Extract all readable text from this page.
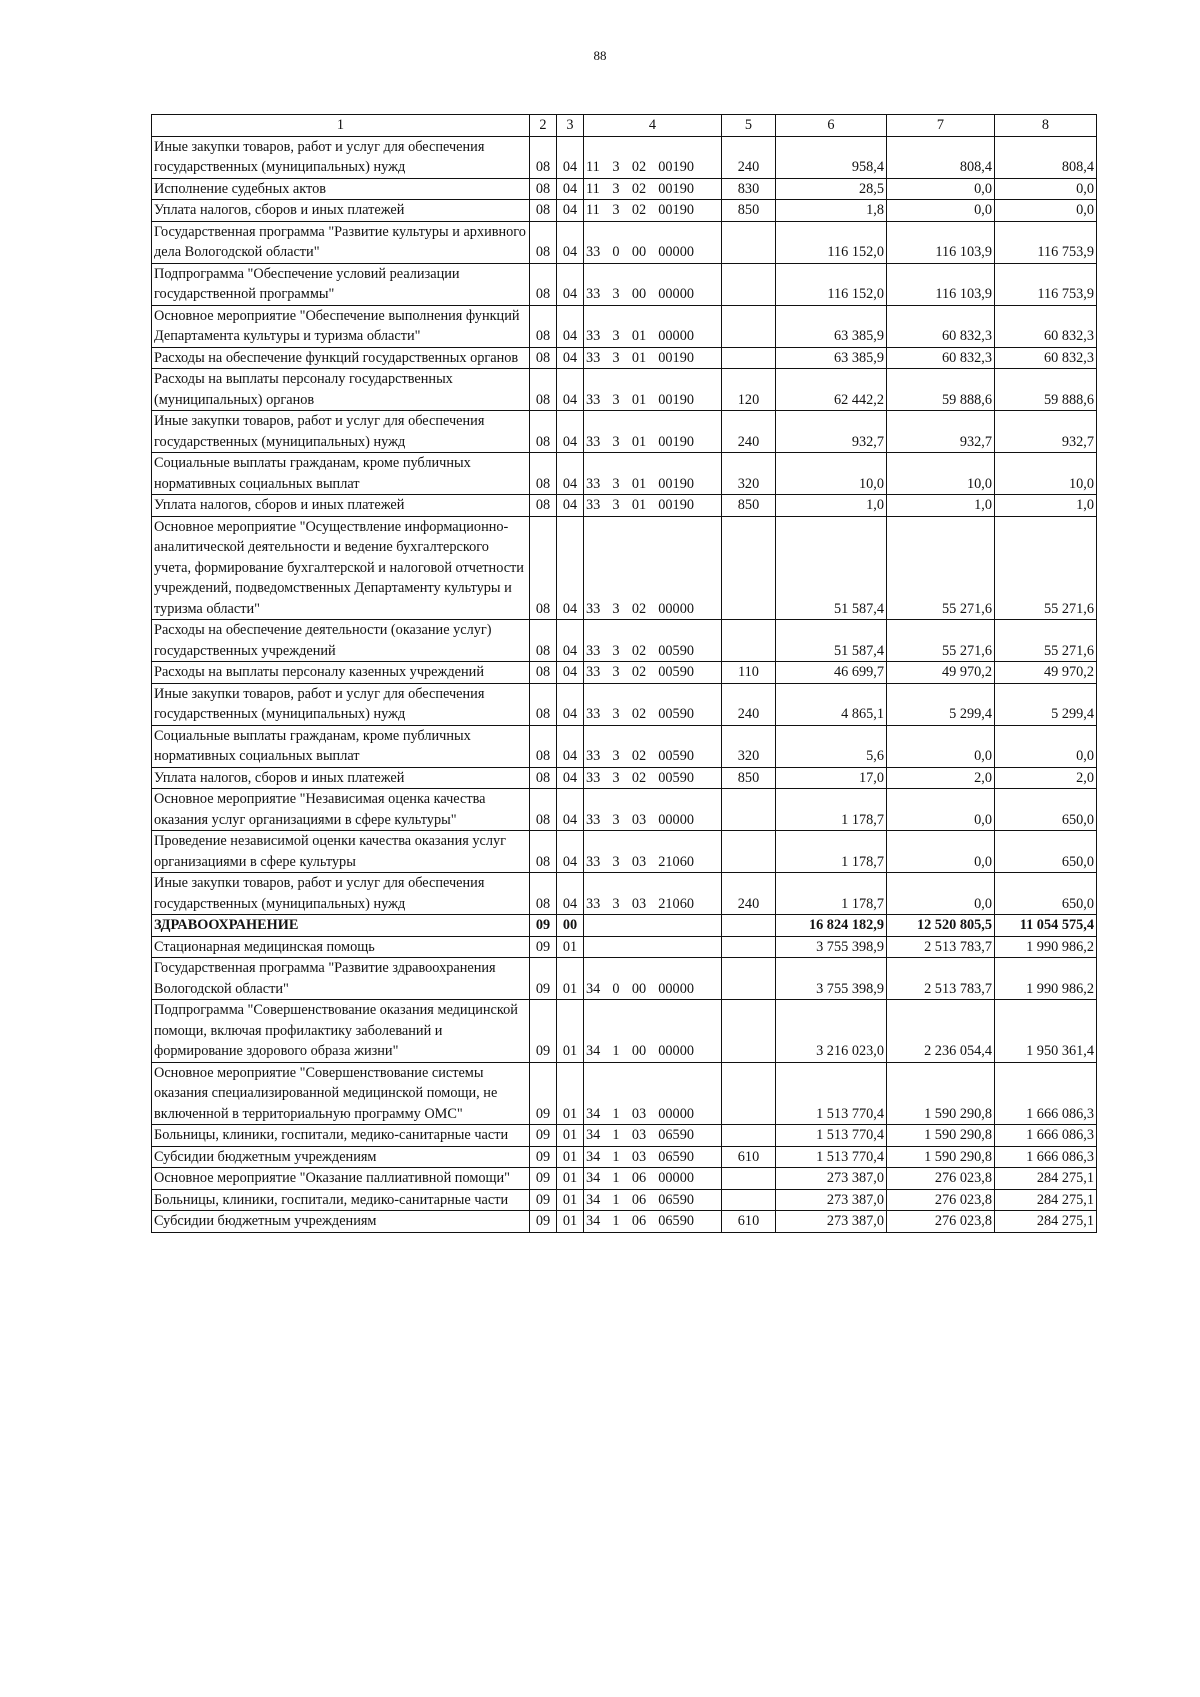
88
1	2	3	4	5	6	7	8
Иные закупки товаров, работ и услуг для обеспечения государственных (муниципальных) нужд	08	04	11 3 02 00190	240	958,4	808,4	808,4
Исполнение судебных актов	08	04	11 3 02 00190	830	28,5	0,0	0,0
Уплата налогов, сборов и иных платежей	08	04	11 3 02 00190	850	1,8	0,0	0,0
Государственная программа "Развитие культуры и архивного дела Вологодской области"	08	04	33 0 00 00000		116 152,0	116 103,9	116 753,9
Подпрограмма "Обеспечение условий реализации государственной программы"	08	04	33 3 00 00000		116 152,0	116 103,9	116 753,9
Основное мероприятие "Обеспечение выполнения функций Департамента культуры и туризма области"	08	04	33 3 01 00000		63 385,9	60 832,3	60 832,3
Расходы на обеспечение функций государственных органов	08	04	33 3 01 00190		63 385,9	60 832,3	60 832,3
Расходы на выплаты персоналу государственных (муниципальных) органов	08	04	33 3 01 00190	120	62 442,2	59 888,6	59 888,6
Иные закупки товаров, работ и услуг для обеспечения государственных (муниципальных) нужд	08	04	33 3 01 00190	240	932,7	932,7	932,7
Социальные выплаты гражданам, кроме публичных нормативных социальных выплат	08	04	33 3 01 00190	320	10,0	10,0	10,0
Уплата налогов, сборов и иных платежей	08	04	33 3 01 00190	850	1,0	1,0	1,0
Основное мероприятие "Осуществление информационно-аналитической деятельности и ведение бухгалтерского учета, формирование бухгалтерской и налоговой отчетности учреждений, подведомственных Департаменту культуры и туризма области"	08	04	33 3 02 00000		51 587,4	55 271,6	55 271,6
Расходы на обеспечение деятельности (оказание услуг) государственных учреждений	08	04	33 3 02 00590		51 587,4	55 271,6	55 271,6
Расходы на выплаты персоналу казенных учреждений	08	04	33 3 02 00590	110	46 699,7	49 970,2	49 970,2
Иные закупки товаров, работ и услуг для обеспечения государственных (муниципальных) нужд	08	04	33 3 02 00590	240	4 865,1	5 299,4	5 299,4
Социальные выплаты гражданам, кроме публичных нормативных социальных выплат	08	04	33 3 02 00590	320	5,6	0,0	0,0
Уплата налогов, сборов и иных платежей	08	04	33 3 02 00590	850	17,0	2,0	2,0
Основное мероприятие "Независимая оценка качества оказания услуг организациями в сфере культуры"	08	04	33 3 03 00000		1 178,7	0,0	650,0
Проведение независимой оценки качества оказания услуг организациями в сфере культуры	08	04	33 3 03 21060		1 178,7	0,0	650,0
Иные закупки товаров, работ и услуг для обеспечения государственных (муниципальных) нужд	08	04	33 3 03 21060	240	1 178,7	0,0	650,0
ЗДРАВООХРАНЕНИЕ	09	00			16 824 182,9	12 520 805,5	11 054 575,4
Стационарная медицинская помощь	09	01			3 755 398,9	2 513 783,7	1 990 986,2
Государственная программа "Развитие здравоохранения Вологодской области"	09	01	34 0 00 00000		3 755 398,9	2 513 783,7	1 990 986,2
Подпрограмма "Совершенствование оказания медицинской помощи, включая профилактику заболеваний и формирование здорового образа жизни"	09	01	34 1 00 00000		3 216 023,0	2 236 054,4	1 950 361,4
Основное мероприятие "Совершенствование системы оказания специализированной медицинской помощи, не включенной в территориальную программу ОМС"	09	01	34 1 03 00000		1 513 770,4	1 590 290,8	1 666 086,3
Больницы, клиники, госпитали, медико-санитарные части	09	01	34 1 03 06590		1 513 770,4	1 590 290,8	1 666 086,3
Субсидии бюджетным учреждениям	09	01	34 1 03 06590	610	1 513 770,4	1 590 290,8	1 666 086,3
Основное мероприятие "Оказание паллиативной помощи"	09	01	34 1 06 00000		273 387,0	276 023,8	284 275,1
Больницы, клиники, госпитали, медико-санитарные части	09	01	34 1 06 06590		273 387,0	276 023,8	284 275,1
Субсидии бюджетным учреждениям	09	01	34 1 06 06590	610	273 387,0	276 023,8	284 275,1
